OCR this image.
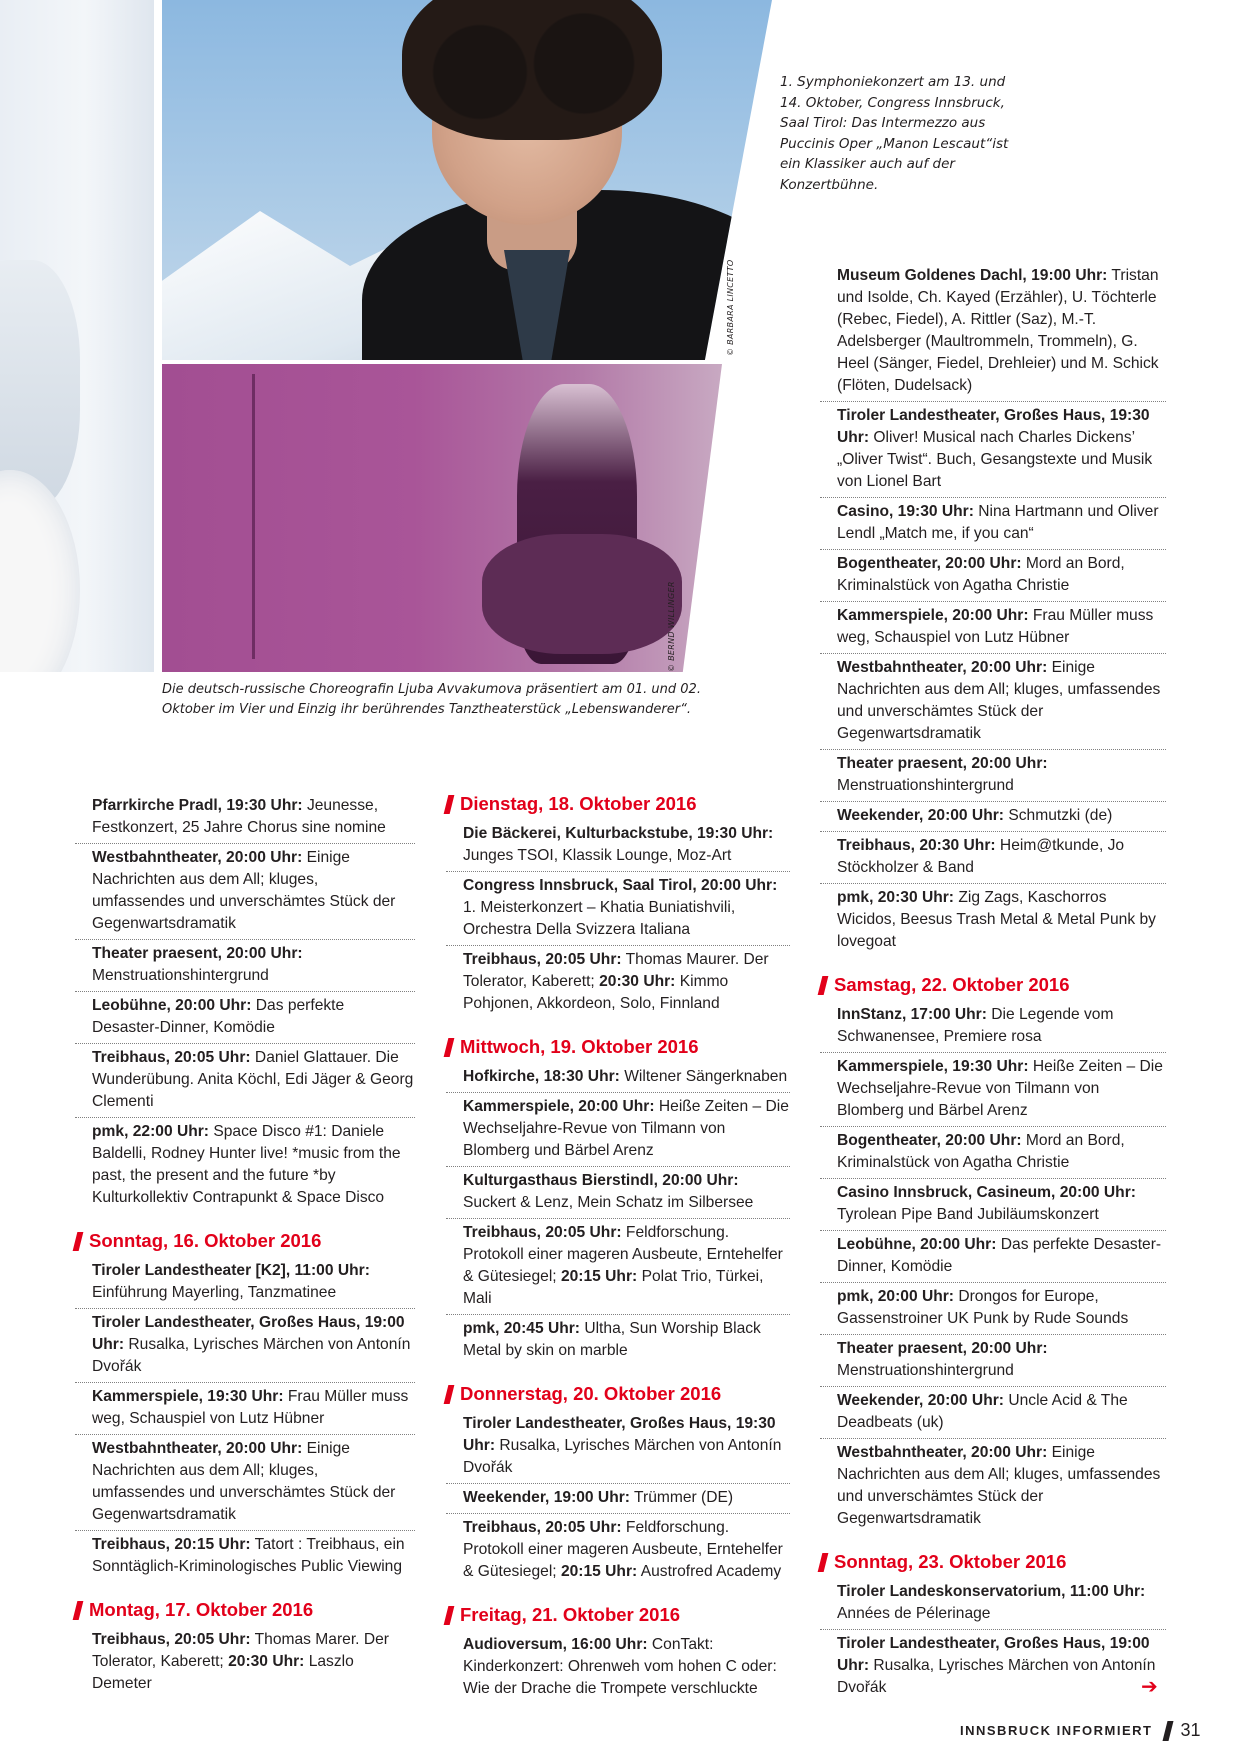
© BARBARA LINCETTO
© BERND WILLINGER
1. Symphoniekonzert am 13. und 14. Oktober, Congress Innsbruck, Saal Tirol: Das Intermezzo aus Puccinis Oper „Manon Lescaut“ist ein Klassiker auch auf der Konzertbühne.
Die deutsch-russische Choreografin Ljuba Avvakumova präsentiert am 01. und 02. Oktober im Vier und Einzig ihr berührendes Tanztheaterstück „Lebenswanderer“.

Pfarrkirche Pradl, 19:30 Uhr: Jeunesse, Festkonzert, 25 Jahre Chorus sine nomine

Westbahntheater, 20:00 Uhr: Einige Nachrichten aus dem All; kluges, umfassendes und unverschämtes Stück der Gegenwartsdramatik

Theater praesent, 20:00 Uhr: Menstruationshintergrund

Leobühne, 20:00 Uhr: Das perfekte Desaster-Dinner, Komödie

Treibhaus, 20:05 Uhr: Daniel Glattauer. Die Wunderübung. Anita Köchl, Edi Jäger & Georg Clementi

pmk, 22:00 Uhr: Space Disco #1: Daniele Baldelli, Rodney Hunter live! *music from the past, the present and the future *by Kulturkollektiv Contrapunkt & Space Disco

Sonntag, 16. Oktober 2016

Tiroler Landestheater [K2], 11:00 Uhr: Einführung Mayerling, Tanzmatinee

Tiroler Landestheater, Großes Haus, 19:00 Uhr: Rusalka, Lyrisches Märchen von Antonín Dvořák

Kammerspiele, 19:30 Uhr: Frau Müller muss weg, Schauspiel von Lutz Hübner

Westbahntheater, 20:00 Uhr: Einige Nachrichten aus dem All; kluges, umfassendes und unverschämtes Stück der Gegenwartsdramatik

Treibhaus, 20:15 Uhr: Tatort : Treibhaus, ein Sonntäglich-Kriminologisches Public Viewing

Montag, 17. Oktober 2016

Treibhaus, 20:05 Uhr: Thomas Marer. Der Tolerator, Kaberett; 20:30 Uhr: Laszlo Demeter

Dienstag, 18. Oktober 2016

Die Bäckerei, Kulturbackstube, 19:30 Uhr: Junges TSOI, Klassik Lounge, Moz-Art

Congress Innsbruck, Saal Tirol, 20:00 Uhr: 1. Meisterkonzert – Khatia Buniatishvili, Orchestra Della Svizzera Italiana

Treibhaus, 20:05 Uhr: Thomas Maurer. Der Tolerator, Kaberett; 20:30 Uhr: Kimmo Pohjonen, Akkordeon, Solo, Finnland

Mittwoch, 19. Oktober 2016

Hofkirche, 18:30 Uhr: Wiltener Sängerknaben

Kammerspiele, 20:00 Uhr: Heiße Zeiten – Die Wechseljahre-Revue von Tilmann von Blomberg und Bärbel Arenz

Kulturgasthaus Bierstindl, 20:00 Uhr: Suckert & Lenz, Mein Schatz im Silbersee

Treibhaus, 20:05 Uhr: Feldforschung. Protokoll einer mageren Ausbeute, Erntehelfer & Gütesiegel; 20:15 Uhr: Polat Trio, Türkei, Mali

pmk, 20:45 Uhr: Ultha, Sun Worship Black Metal by skin on marble

Donnerstag, 20. Oktober 2016

Tiroler Landestheater, Großes Haus, 19:30 Uhr: Rusalka, Lyrisches Märchen von Antonín Dvořák

Weekender, 19:00 Uhr: Trümmer (DE)

Treibhaus, 20:05 Uhr: Feldforschung. Protokoll einer mageren Ausbeute, Erntehelfer & Gütesiegel; 20:15 Uhr: Austrofred Academy

Freitag, 21. Oktober 2016

Audioversum, 16:00 Uhr: ConTakt: Kinderkonzert: Ohrenweh vom hohen C oder: Wie der Drache die Trompete verschluckte

Museum Goldenes Dachl, 19:00 Uhr: Tristan und Isolde, Ch. Kayed (Erzähler), U. Töchterle (Rebec, Fiedel), A. Rittler (Saz), M.-T. Adelsberger (Maultrommeln, Trommeln), G. Heel (Sänger, Fiedel, Drehleier) und M. Schick (Flöten, Dudelsack)

Tiroler Landestheater, Großes Haus, 19:30 Uhr: Oliver! Musical nach Charles Dickens’ „Oliver Twist“. Buch, Gesangstexte und Musik von Lionel Bart

Casino, 19:30 Uhr: Nina Hartmann und Oliver Lendl „Match me, if you can“

Bogentheater, 20:00 Uhr: Mord an Bord, Kriminalstück von Agatha Christie

Kammerspiele, 20:00 Uhr: Frau Müller muss weg, Schauspiel von Lutz Hübner

Westbahntheater, 20:00 Uhr: Einige Nachrichten aus dem All; kluges, umfassendes und unverschämtes Stück der Gegenwartsdramatik

Theater praesent, 20:00 Uhr: Menstruationshintergrund

Weekender, 20:00 Uhr: Schmutzki (de)

Treibhaus, 20:30 Uhr: Heim@tkunde, Jo Stöckholzer & Band

pmk, 20:30 Uhr: Zig Zags, Kaschorros Wicidos, Beesus Trash Metal & Metal Punk by lovegoat

Samstag, 22. Oktober 2016

InnStanz, 17:00 Uhr: Die Legende vom Schwanensee, Premiere rosa

Kammerspiele, 19:30 Uhr: Heiße Zeiten – Die Wechseljahre-Revue von Tilmann von Blomberg und Bärbel Arenz

Bogentheater, 20:00 Uhr: Mord an Bord, Kriminalstück von Agatha Christie

Casino Innsbruck, Casineum, 20:00 Uhr: Tyrolean Pipe Band Jubiläumskonzert

Leobühne, 20:00 Uhr: Das perfekte Desaster-Dinner, Komödie

pmk, 20:00 Uhr: Drongos for Europe, Gassenstroiner UK Punk by Rude Sounds

Theater praesent, 20:00 Uhr: Menstruationshintergrund

Weekender, 20:00 Uhr: Uncle Acid & The Deadbeats (uk)

Westbahntheater, 20:00 Uhr: Einige Nachrichten aus dem All; kluges, umfassendes und unverschämtes Stück der Gegenwartsdramatik

Sonntag, 23. Oktober 2016

Tiroler Landeskonservatorium, 11:00 Uhr: Années de Pélerinage

Tiroler Landestheater, Großes Haus, 19:00 Uhr: Rusalka, Lyrisches Märchen von Antonín Dvořák	➔
INNSBRUCK INFORMIERT 31
